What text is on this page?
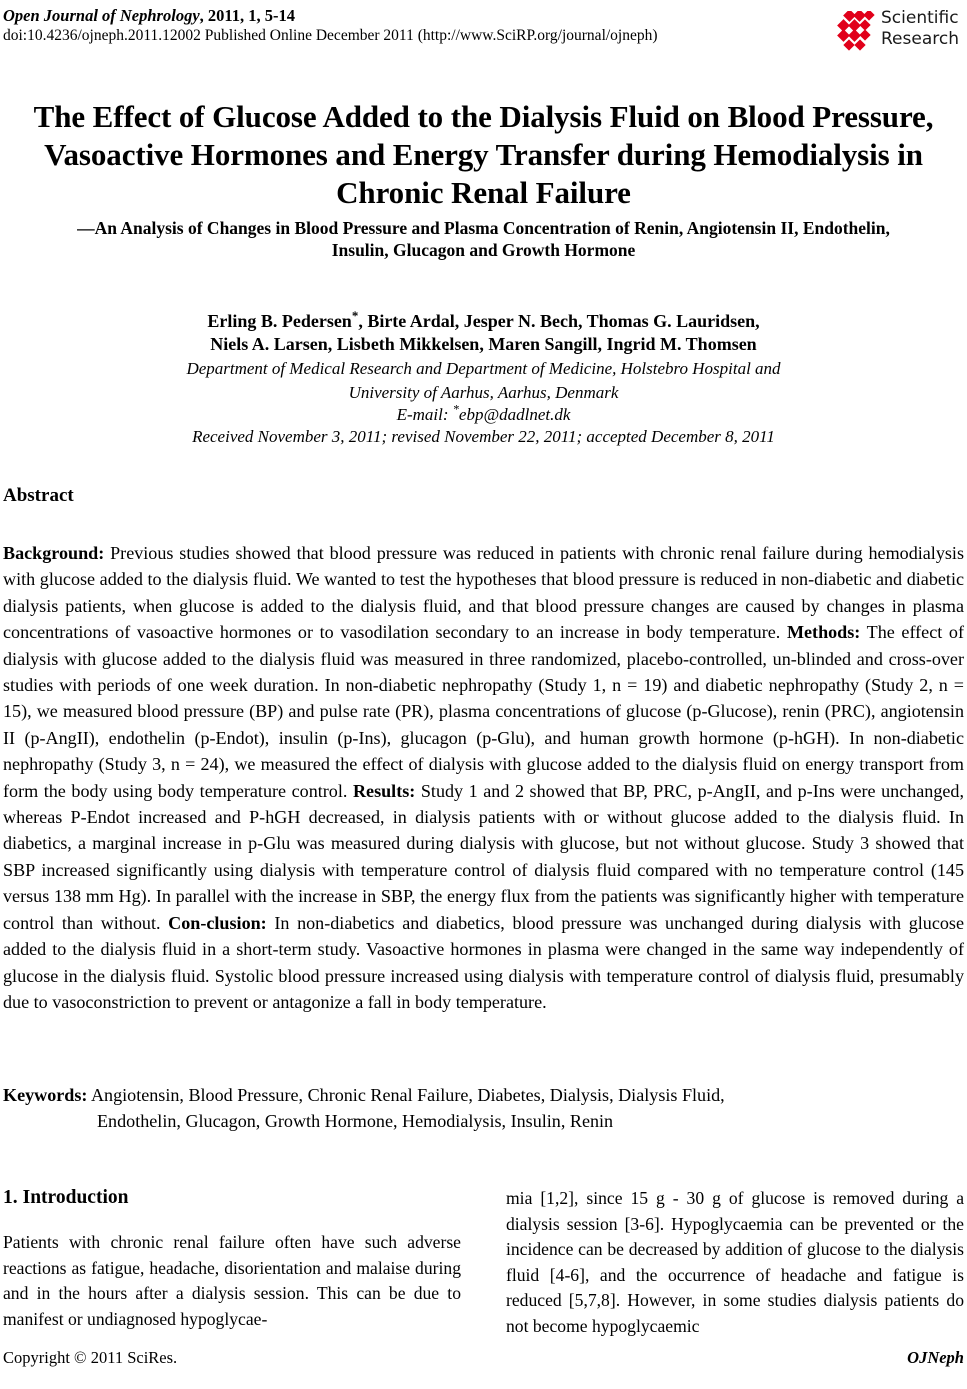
Open Journal of Nephrology, 2011, 1, 5-14
doi:10.4236/ojneph.2011.12002 Published Online December 2011 (http://www.SciRP.org/journal/ojneph)
Scientific
Research
The Effect of Glucose Added to the Dialysis Fluid on Blood Pressure, Vasoactive Hormones and Energy Transfer during Hemodialysis in Chronic Renal Failure
—An Analysis of Changes in Blood Pressure and Plasma Concentration of Renin, Angiotensin II, Endothelin, Insulin, Glucagon and Growth Hormone
Erling B. Pedersen*, Birte Ardal, Jesper N. Bech, Thomas G. Lauridsen,
Niels A. Larsen, Lisbeth Mikkelsen, Maren Sangill, Ingrid M. Thomsen
Department of Medical Research and Department of Medicine, Holstebro Hospital and
University of Aarhus, Aarhus, Denmark
E-mail: *ebp@dadlnet.dk
Received November 3, 2011; revised November 22, 2011; accepted December 8, 2011
Abstract
Background: Previous studies showed that blood pressure was reduced in patients with chronic renal failure during hemodialysis with glucose added to the dialysis fluid. We wanted to test the hypotheses that blood pressure is reduced in non-diabetic and diabetic dialysis patients, when glucose is added to the dialysis fluid, and that blood pressure changes are caused by changes in plasma concentrations of vasoactive hormones or to vasodilation secondary to an increase in body temperature. Methods: The effect of dialysis with glucose added to the dialysis fluid was measured in three randomized, placebo-controlled, un-blinded and cross-over studies with periods of one week duration. In non-diabetic nephropathy (Study 1, n = 19) and diabetic nephropathy (Study 2, n = 15), we measured blood pressure (BP) and pulse rate (PR), plasma concentrations of glucose (p-Glucose), renin (PRC), angiotensin II (p-AngII), endothelin (p-Endot), insulin (p-Ins), glucagon (p-Glu), and human growth hormone (p-hGH). In non-diabetic nephropathy (Study 3, n = 24), we measured the effect of dialysis with glucose added to the dialysis fluid on energy transport from form the body using body temperature control. Results: Study 1 and 2 showed that BP, PRC, p-AngII, and p-Ins were unchanged, whereas P-Endot increased and P-hGH decreased, in dialysis patients with or without glucose added to the dialysis fluid. In diabetics, a marginal increase in p-Glu was measured during dialysis with glucose, but not without glucose. Study 3 showed that SBP increased significantly using dialysis with temperature control of dialysis fluid compared with no temperature control (145 versus 138 mm Hg). In parallel with the increase in SBP, the energy flux from the patients was significantly higher with temperature control than without. Con-clusion: In non-diabetics and diabetics, blood pressure was unchanged during dialysis with glucose added to the dialysis fluid in a short-term study. Vasoactive hormones in plasma were changed in the same way independently of glucose in the dialysis fluid. Systolic blood pressure increased using dialysis with temperature control of dialysis fluid, presumably due to vasoconstriction to prevent or antagonize a fall in body temperature.
Keywords: Angiotensin, Blood Pressure, Chronic Renal Failure, Diabetes, Dialysis, Dialysis Fluid,
Endothelin, Glucagon, Growth Hormone, Hemodialysis, Insulin, Renin
1. Introduction

Patients with chronic renal failure often have such adverse reactions as fatigue, headache, disorientation and malaise during and in the hours after a dialysis session. This can be due to manifest or undiagnosed hypoglycae-

mia [1,2], since 15 g - 30 g of glucose is removed during a dialysis session [3-6]. Hypoglycaemia can be prevented or the incidence can be decreased by addition of glucose to the dialysis fluid [4-6], and the occurrence of headache and fatigue is reduced [5,7,8]. However, in some studies dialysis patients do not become hypoglycaemic

Copyright © 2011 SciRes.	OJNeph
